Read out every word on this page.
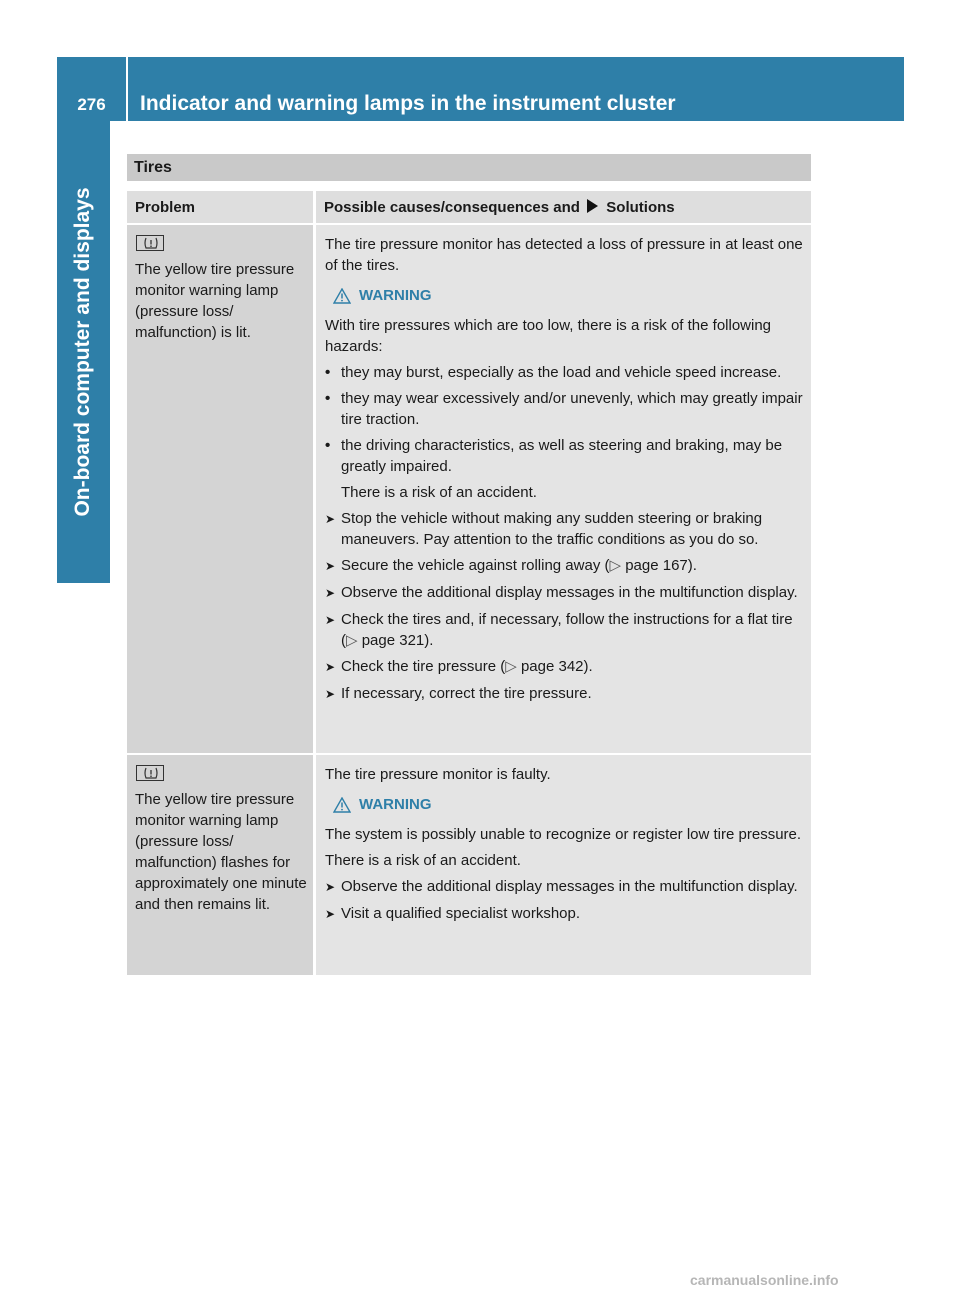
276	Indicator and warning lamps in the instrument cluster
On-board computer and displays
Tires
Problem	Possible causes/consequences and Solutions
The yellow tire pressure monitor warning lamp (pressure loss/ malfunction) is lit.

The tire pressure monitor has detected a loss of pressure in at least one of the tires.

WARNING

With tire pressures which are too low, there is a risk of the following hazards:

• they may burst, especially as the load and vehicle speed increase.
• they may wear excessively and/or unevenly, which may greatly impair tire traction.
• the driving characteristics, as well as steering and braking, may be greatly impaired.

There is a risk of an accident.

➤ Stop the vehicle without making any sudden steering or braking maneuvers. Pay attention to the traffic conditions as you do so.
➤ Secure the vehicle against rolling away (▷ page 167).
➤ Observe the additional display messages in the multifunction display.
➤ Check the tires and, if necessary, follow the instructions for a flat tire (▷ page 321).
➤ Check the tire pressure (▷ page 342).
➤ If necessary, correct the tire pressure.
The yellow tire pressure monitor warning lamp (pressure loss/ malfunction) flashes for approximately one minute and then remains lit.

The tire pressure monitor is faulty.

WARNING

The system is possibly unable to recognize or register low tire pressure.

There is a risk of an accident.

➤ Observe the additional display messages in the multifunction display.
➤ Visit a qualified specialist workshop.
carmanualsonline.info
